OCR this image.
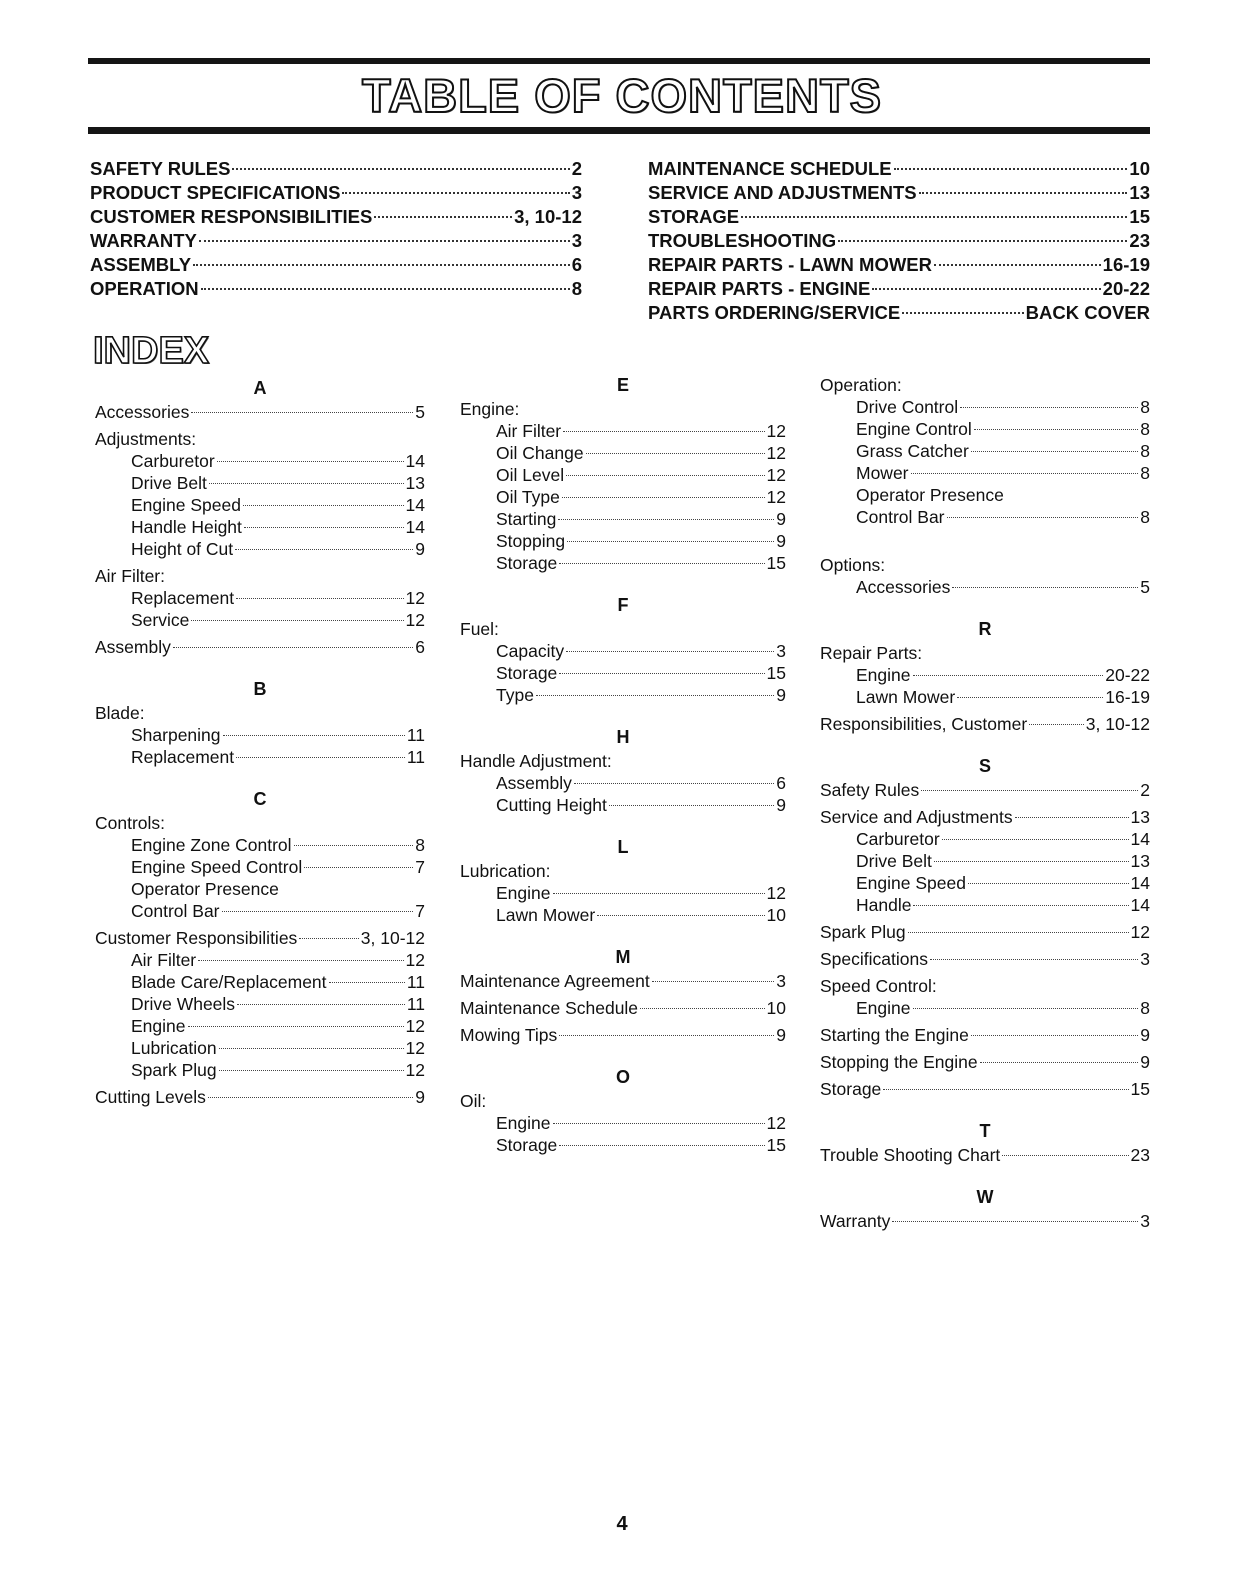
TABLE OF CONTENTS
SAFETY RULES	2
PRODUCT SPECIFICATIONS	3
CUSTOMER RESPONSIBILITIES	3, 10-12
WARRANTY	3
ASSEMBLY	6
OPERATION	8
MAINTENANCE SCHEDULE	10
SERVICE AND ADJUSTMENTS	13
STORAGE	15
TROUBLESHOOTING	23
REPAIR PARTS - LAWN MOWER	16-19
REPAIR PARTS - ENGINE	20-22
PARTS ORDERING/SERVICE	BACK COVER
INDEX
A
Accessories	5
Adjustments:
Carburetor	14
Drive Belt	13
Engine Speed	14
Handle Height	14
Height of Cut	9
Air Filter:
Replacement	12
Service	12
Assembly	6
B
Blade:
Sharpening	11
Replacement	11
C
Controls:
Engine Zone Control	8
Engine Speed Control	7
Operator Presence
Control Bar	7
Customer Responsibilities	3, 10-12
Air Filter	12
Blade Care/Replacement	11
Drive Wheels	11
Engine	12
Lubrication	12
Spark Plug	12
Cutting Levels	9
E
Engine:
Air Filter	12
Oil Change	12
Oil Level	12
Oil Type	12
Starting	9
Stopping	9
Storage	15
F
Fuel:
Capacity	3
Storage	15
Type	9
H
Handle Adjustment:
Assembly	6
Cutting Height	9
L
Lubrication:
Engine	12
Lawn Mower	10
M
Maintenance Agreement	3
Maintenance Schedule	10
Mowing Tips	9
O
Oil:
Engine	12
Storage	15
Operation:
Drive Control	8
Engine Control	8
Grass Catcher	8
Mower	8
Operator Presence
Control Bar	8
Options:
Accessories	5
R
Repair Parts:
Engine	20-22
Lawn Mower	16-19
Responsibilities, Customer	3, 10-12
S
Safety Rules	2
Service and Adjustments	13
Carburetor	14
Drive Belt	13
Engine Speed	14
Handle	14
Spark Plug	12
Specifications	3
Speed Control:
Engine	8
Starting the Engine	9
Stopping the Engine	9
Storage	15
T
Trouble Shooting Chart	23
W
Warranty	3
4
